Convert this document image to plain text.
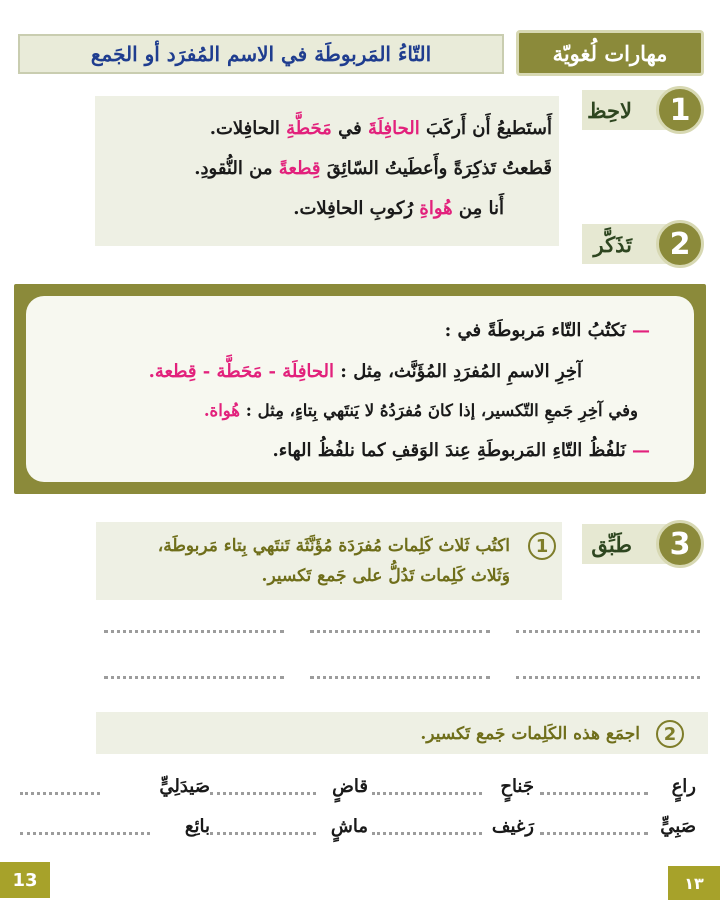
التّاءُ المَربوطَة في الاسم المُفرَد أو الجَمع	مهارات لُغويّة
لاحِظ 1
أَستَطيعُ أَن أَركَبَ الحافِلَةَ في مَحَطَّةِ الحافِلات.
قَطعتُ تَذكِرَةً وأَعطَيتُ السّائِقَ قِطعةً من النُّقودِ.
أَنا مِن هُواةِ رُكوبِ الحافِلات.
تَذَكَّر 2
— نَكتُبُ التّاء مَربوطَةً في :
آخِرِ الاسمِ المُفرَدِ المُؤَنَّث، مِثل : الحافِلَة - مَحَطَّة - قِطعة.
وفي آخِرِ جَمعِ التّكسير، إذا كانَ مُفرَدُهُ لا يَنتَهي بِتاءٍ، مِثل : هُواة.
— نَلفُظُ التّاءِ المَربوطَةِ عِندَ الوَقفِ كما نلفُظُ الهاء.
طَبِّق 3
1
اكتُب ثَلاث كَلِمات مُفرَدَة مُؤَنَّثَة تَنتَهي بِتاء مَربوطَة،
وَثَلاث كَلِمات تَدُلُّ على جَمع تَكسير.
2
اجمَع هذه الكَلِمات جَمع تَكسير.
راعٍ
جَناحٍ
قاضٍ
صَيدَلِيٍّ
صَبِيٍّ
رَغيف
ماشٍ
بائِع
13	١٣
